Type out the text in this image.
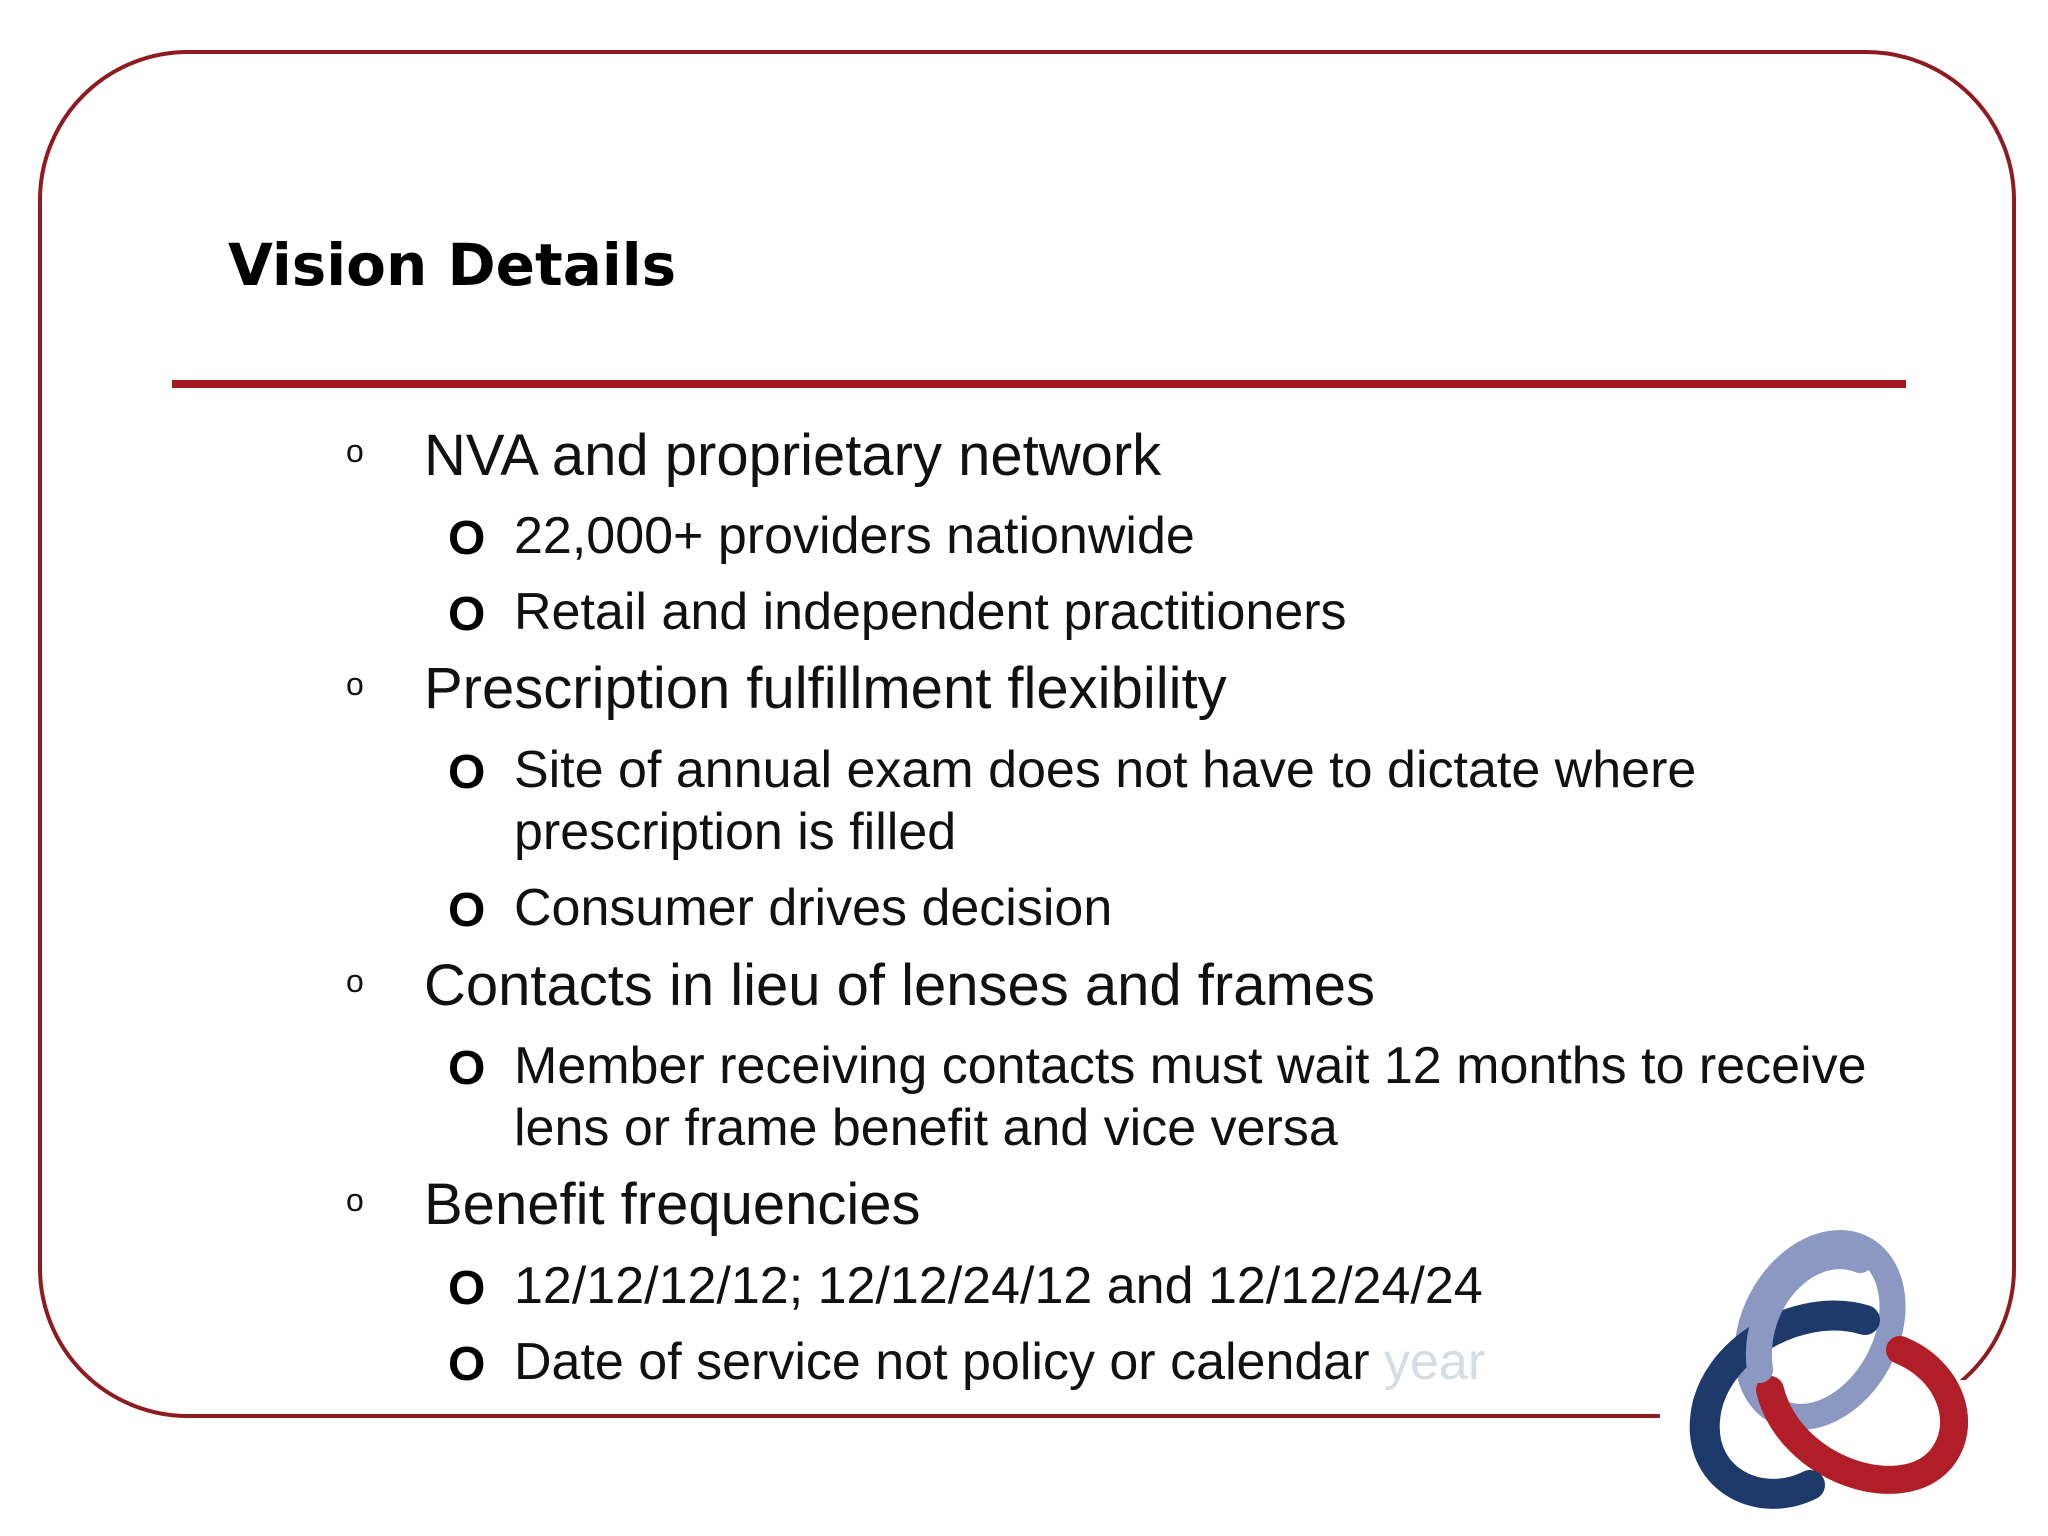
Vision Details
o NVA and proprietary network
O 22,000+ providers nationwide
O Retail and independent practitioners
o Prescription fulfillment flexibility
O Site of annual exam does not have to dictate where prescription is filled
O Consumer drives decision
o Contacts in lieu of lenses and frames
O Member receiving contacts must wait 12 months to receive lens or frame benefit and vice versa
o Benefit frequencies
O 12/12/12/12; 12/12/24/12 and 12/12/24/24
O Date of service not policy or calendar year
